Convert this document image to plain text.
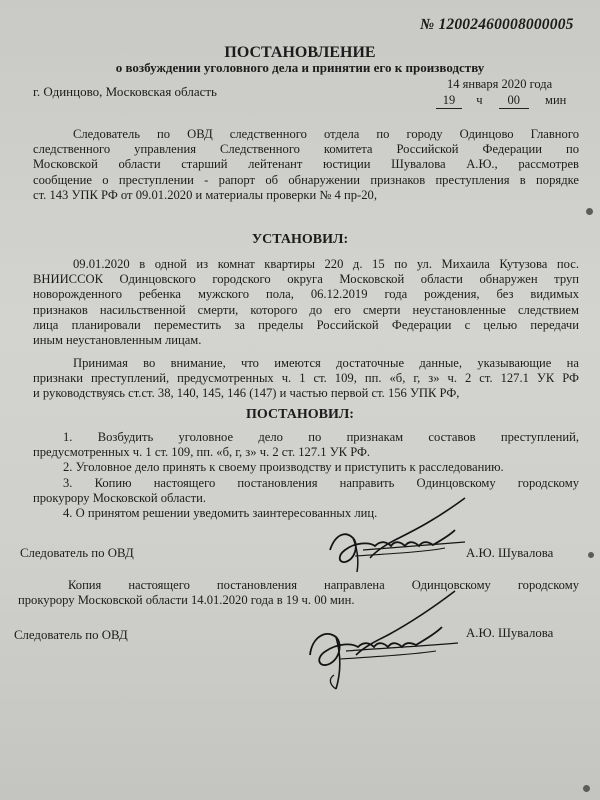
№ 12002460008000005
ПОСТАНОВЛЕНИЕ
о возбуждении уголовного дела и принятии его к производству
г. Одинцово, Московская область	14 января 2020 года
19 ч 00 мин
Следователь по ОВД следственного отдела по городу Одинцово Главного
следственного управления Следственного комитета Российской Федерации по
Московской области старший лейтенант юстиции Шувалова А.Ю., рассмотрев
сообщение о преступлении - рапорт об обнаружении признаков преступления в порядке
ст. 143 УПК РФ от 09.01.2020 и материалы проверки № 4 пр-20,
УСТАНОВИЛ:
09.01.2020 в одной из комнат квартиры 220 д. 15 по ул. Михаила Кутузова пос.
ВНИИССОК Одинцовского городского округа Московской области обнаружен труп
новорожденного ребенка мужского пола, 06.12.2019 года рождения, без видимых
признаков насильственной смерти, которого до его смерти неустановленные следствием
лица планировали переместить за пределы Российской Федерации с целью передачи
иным неустановленным лицам.
Принимая во внимание, что имеются достаточные данные, указывающие на
признаки преступлений, предусмотренных ч. 1 ст. 109, пп. «б, г, з» ч. 2 ст. 127.1 УК РФ
и руководствуясь ст.ст. 38, 140, 145, 146 (147) и частью первой ст. 156 УПК РФ,
ПОСТАНОВИЛ:
1. Возбудить уголовное дело по признакам составов преступлений,
предусмотренных ч. 1 ст. 109, пп. «б, г, з» ч. 2 ст. 127.1 УК РФ.
2. Уголовное дело принять к своему производству и приступить к расследованию.
3. Копию настоящего постановления направить Одинцовскому городскому
прокурору Московской области.
4. О принятом решении уведомить заинтересованных лиц.
Следователь по ОВД	А.Ю. Шувалова
Копия настоящего постановления направлена Одинцовскому городскому
прокурору Московской области 14.01.2020 года в 19 ч. 00 мин.
Следователь по ОВД	А.Ю. Шувалова
